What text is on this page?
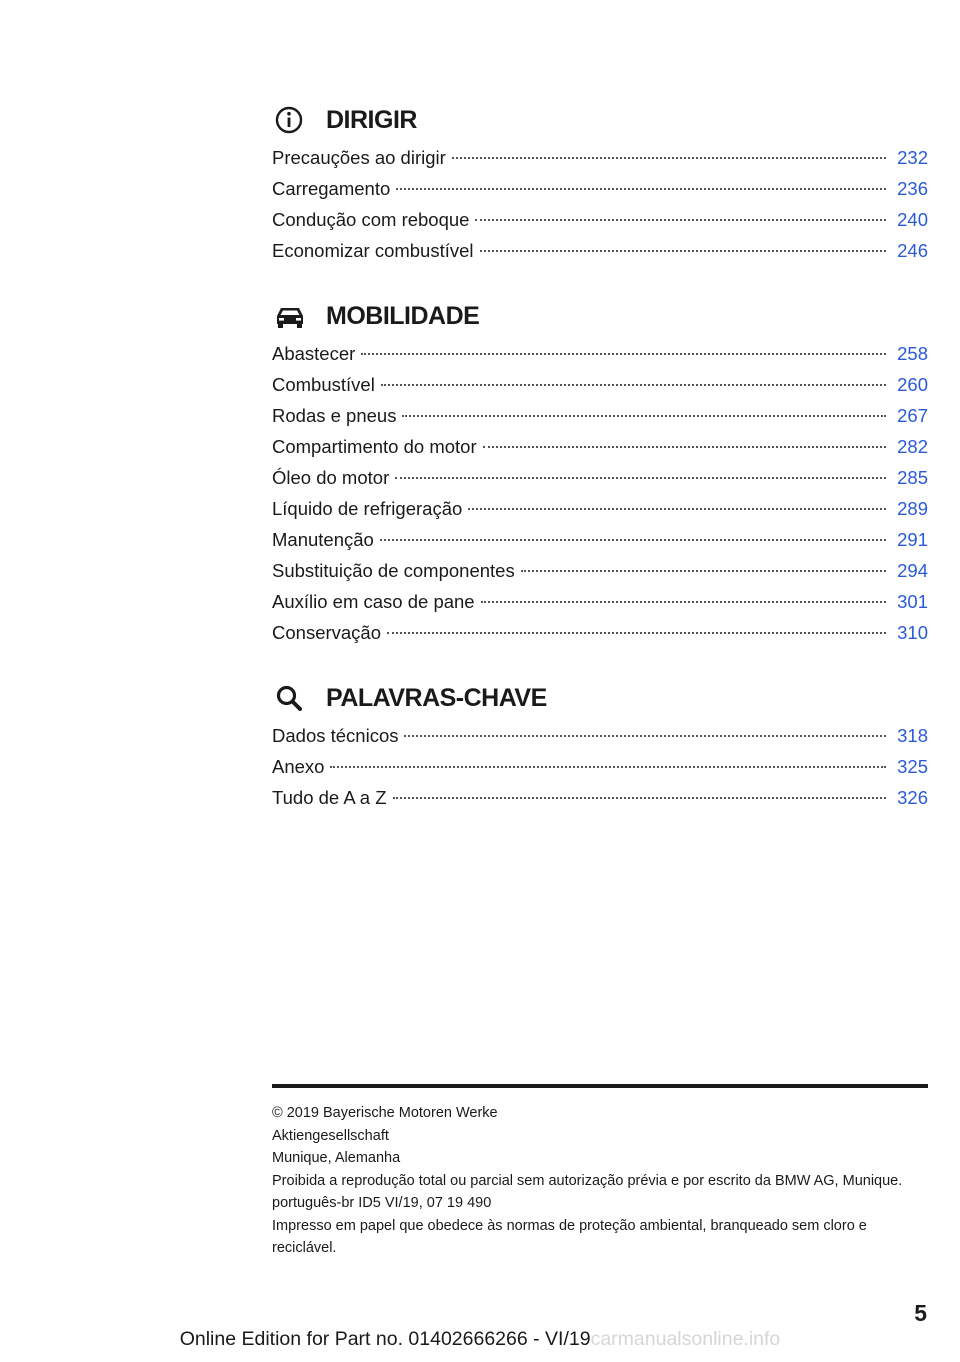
DIRIGIR
Precauções ao dirigir	232
Carregamento	236
Condução com reboque	240
Economizar combustível	246
MOBILIDADE
Abastecer	258
Combustível	260
Rodas e pneus	267
Compartimento do motor	282
Óleo do motor	285
Líquido de refrigeração	289
Manutenção	291
Substituição de componentes	294
Auxílio em caso de pane	301
Conservação	310
PALAVRAS-CHAVE
Dados técnicos	318
Anexo	325
Tudo de A a Z	326
© 2019 Bayerische Motoren Werke
Aktiengesellschaft
Munique, Alemanha
Proibida a reprodução total ou parcial sem autorização prévia e por escrito da BMW AG, Munique.
português-br ID5 VI/19, 07 19 490
Impresso em papel que obedece às normas de proteção ambiental, branqueado sem cloro e reciclável.
5
Online Edition for Part no. 01402666266 - VI/19carmanualsonline.info
